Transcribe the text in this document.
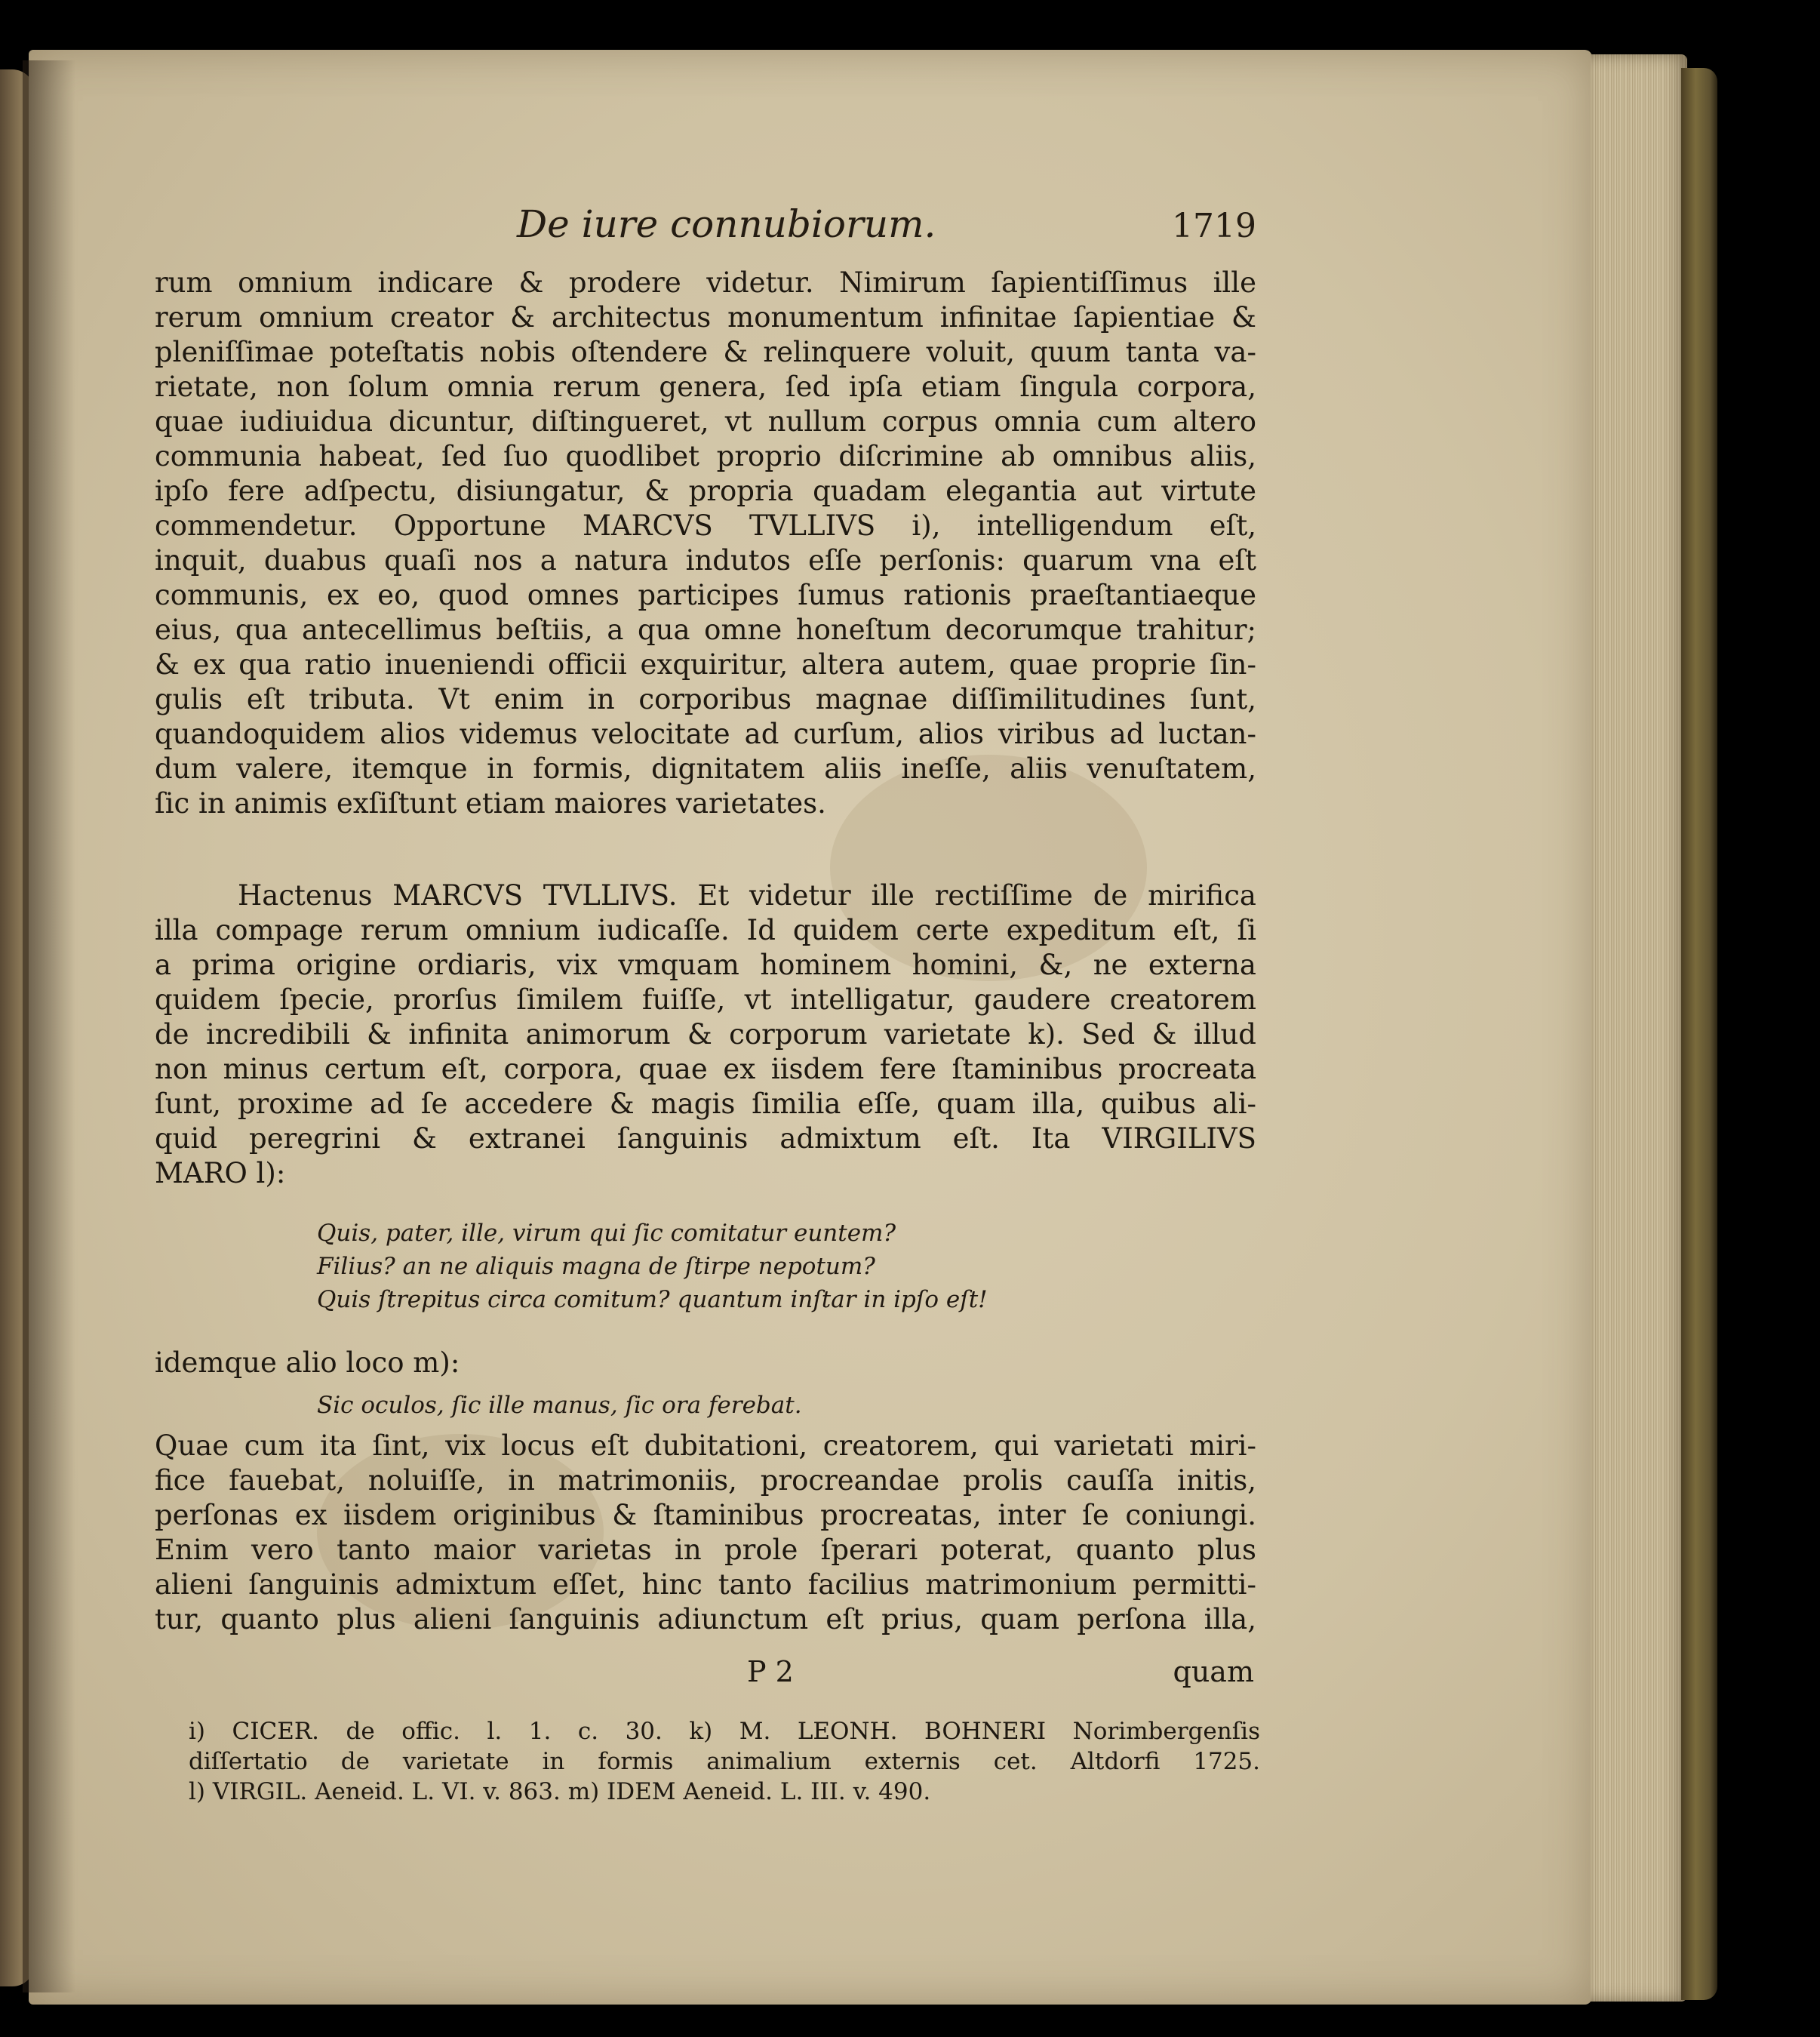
De iure connubiorum.	1719
rum omnium indicare & prodere videtur. Nimirum ſapientiſſimus ille
rerum omnium creator & architectus monumentum infinitae ſapientiae &
pleniſſimae poteſtatis nobis oſtendere & relinquere voluit, quum tanta va-
rietate, non ſolum omnia rerum genera, ſed ipſa etiam ſingula corpora,
quae iudiuidua dicuntur, diſtingueret, vt nullum corpus omnia cum altero
communia habeat, ſed ſuo quodlibet proprio diſcrimine ab omnibus aliis,
ipſo fere adſpectu, disiungatur, & propria quadam elegantia aut virtute
commendetur. Opportune MARCVS TVLLIVS i), intelligendum eſt,
inquit, duabus quaſi nos a natura indutos eſſe perſonis: quarum vna eſt
communis, ex eo, quod omnes participes ſumus rationis praeſtantiaeque
eius, qua antecellimus beſtiis, a qua omne honeſtum decorumque trahitur;
& ex qua ratio inueniendi officii exquiritur, altera autem, quae proprie ſin-
gulis eſt tributa. Vt enim in corporibus magnae diſſimilitudines ſunt,
quandoquidem alios videmus velocitate ad curſum, alios viribus ad luctan-
dum valere, itemque in formis, dignitatem aliis ineſſe, aliis venuſtatem,
ſic in animis exſiſtunt etiam maiores varietates.
Hactenus MARCVS TVLLIVS. Et videtur ille rectiſſime de mirifica
illa compage rerum omnium iudicaſſe. Id quidem certe expeditum eſt, ſi
a prima origine ordiaris, vix vmquam hominem homini, &, ne externa
quidem ſpecie, prorſus ſimilem fuiſſe, vt intelligatur, gaudere creatorem
de incredibili & infinita animorum & corporum varietate k). Sed & illud
non minus certum eſt, corpora, quae ex iisdem fere ſtaminibus procreata
ſunt, proxime ad ſe accedere & magis ſimilia eſſe, quam illa, quibus ali-
quid peregrini & extranei ſanguinis admixtum eſt. Ita VIRGILIVS
MARO l):
Quis, pater, ille, virum qui ſic comitatur euntem?
Filius? an ne aliquis magna de ſtirpe nepotum?
Quis ſtrepitus circa comitum? quantum inſtar in ipſo eſt!
idemque alio loco m):
Sic oculos, ſic ille manus, ſic ora ferebat.
Quae cum ita ſint, vix locus eſt dubitationi, creatorem, qui varietati miri-
fice fauebat, noluiſſe, in matrimoniis, procreandae prolis cauſſa initis,
perſonas ex iisdem originibus & ſtaminibus procreatas, inter ſe coniungi.
Enim vero tanto maior varietas in prole ſperari poterat, quanto plus
alieni ſanguinis admixtum eſſet, hinc tanto facilius matrimonium permitti-
tur, quanto plus alieni ſanguinis adiunctum eſt prius, quam perſona illa,
P 2	quam
i) CICER. de offic. l. 1. c. 30. k) M. LEONH. BOHNERI Norimbergenſis
diſſertatio de varietate in formis animalium externis cet. Altdorfi 1725.
l) VIRGIL. Aeneid. L. VI. v. 863. m) IDEM Aeneid. L. III. v. 490.
